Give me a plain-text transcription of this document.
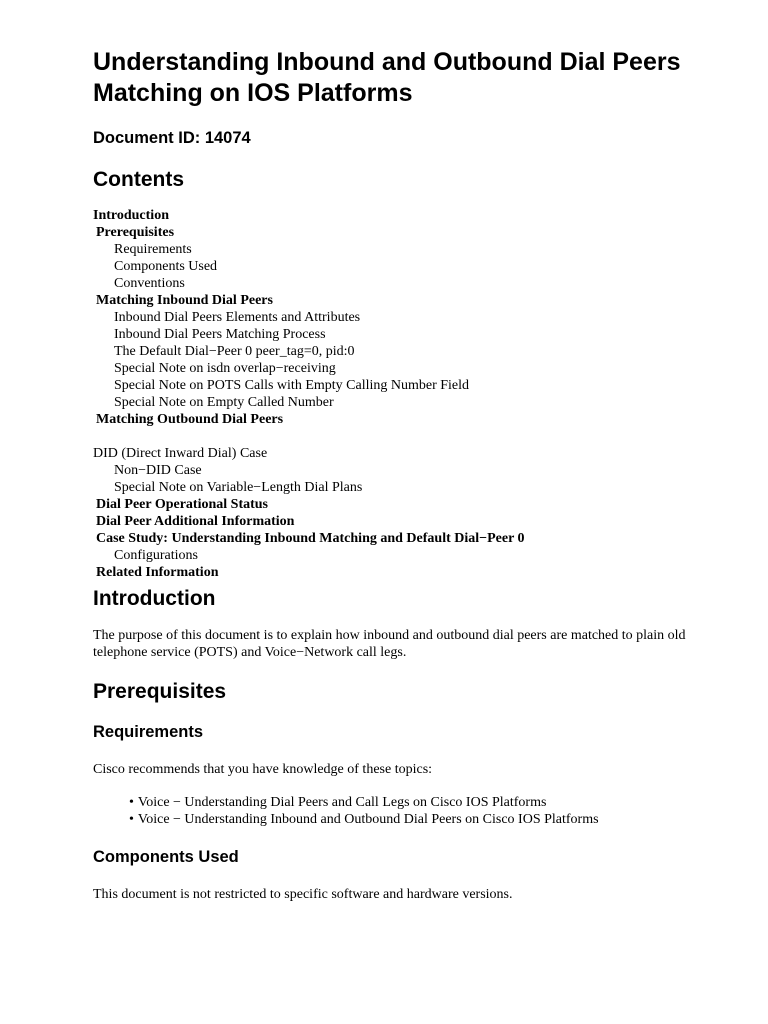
Understanding Inbound and Outbound Dial Peers
Matching on IOS Platforms
Document ID: 14074
Contents
Introduction
Prerequisites
Requirements
Components Used
Conventions
Matching Inbound Dial Peers
Inbound Dial Peers Elements and Attributes
Inbound Dial Peers Matching Process
The Default Dial−Peer 0 peer_tag=0, pid:0
Special Note on isdn overlap−receiving
Special Note on POTS Calls with Empty Calling Number Field
Special Note on Empty Called Number
Matching Outbound Dial Peers
DID (Direct Inward Dial) Case
Non−DID Case
Special Note on Variable−Length Dial Plans
Dial Peer Operational Status
Dial Peer Additional Information
Case Study: Understanding Inbound Matching and Default Dial−Peer 0
Configurations
Related Information
Introduction

The purpose of this document is to explain how inbound and outbound dial peers are matched to plain old telephone service (POTS) and Voice−Network call legs.

Prerequisites
Requirements

Cisco recommends that you have knowledge of these topics:

• Voice − Understanding Dial Peers and Call Legs on Cisco IOS Platforms
• Voice − Understanding Inbound and Outbound Dial Peers on Cisco IOS Platforms
Components Used

This document is not restricted to specific software and hardware versions.
